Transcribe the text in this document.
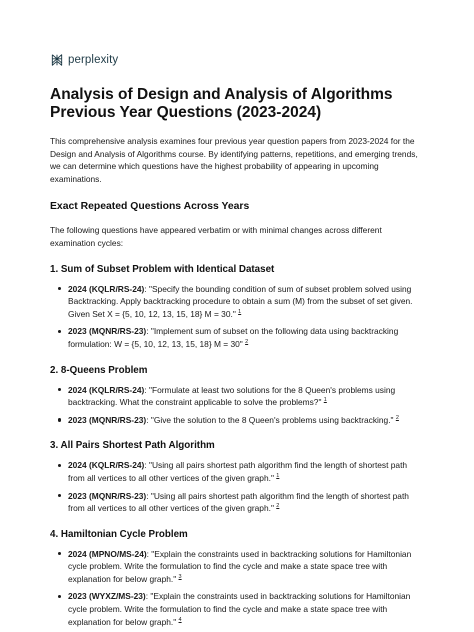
perplexity
Analysis of Design and Analysis of Algorithms Previous Year Questions (2023-2024)

This comprehensive analysis examines four previous year question papers from 2023-2024 for the Design and Analysis of Algorithms course. By identifying patterns, repetitions, and emerging trends, we can determine which questions have the highest probability of appearing in upcoming examinations.

Exact Repeated Questions Across Years

The following questions have appeared verbatim or with minimal changes across different examination cycles:

1. Sum of Subset Problem with Identical Dataset
2024 (KQLR/RS-24): "Specify the bounding condition of sum of subset problem solved using Backtracking. Apply backtracking procedure to obtain a sum (M) from the subset of set given. Given Set X = {5, 10, 12, 13, 15, 18} M = 30." $^1$
2023 (MQNR/RS-23): "Implement sum of subset on the following data using backtracking formulation: W = {5, 10, 12, 13, 15, 18} M = 30" $^2$
2. 8-Queens Problem
2024 (KQLR/RS-24): "Formulate at least two solutions for the 8 Queen's problems using backtracking. What the constraint applicable to solve the problems?" $^1$
2023 (MQNR/RS-23): "Give the solution to the 8 Queen's problems using backtracking." $^2$
3. All Pairs Shortest Path Algorithm
2024 (KQLR/RS-24): "Using all pairs shortest path algorithm find the length of shortest path from all vertices to all other vertices of the given graph." $^1$
2023 (MQNR/RS-23): "Using all pairs shortest path algorithm find the length of shortest path from all vertices to all other vertices of the given graph." $^2$
4. Hamiltonian Cycle Problem
2024 (MPNO/MS-24): "Explain the constraints used in backtracking solutions for Hamiltonian cycle problem. Write the formulation to find the cycle and make a state space tree with explanation for below graph." $^3$
2023 (WYXZ/MS-23): "Explain the constraints used in backtracking solutions for Hamiltonian cycle problem. Write the formulation to find the cycle and make a state space tree with explanation for below graph." $^4$
